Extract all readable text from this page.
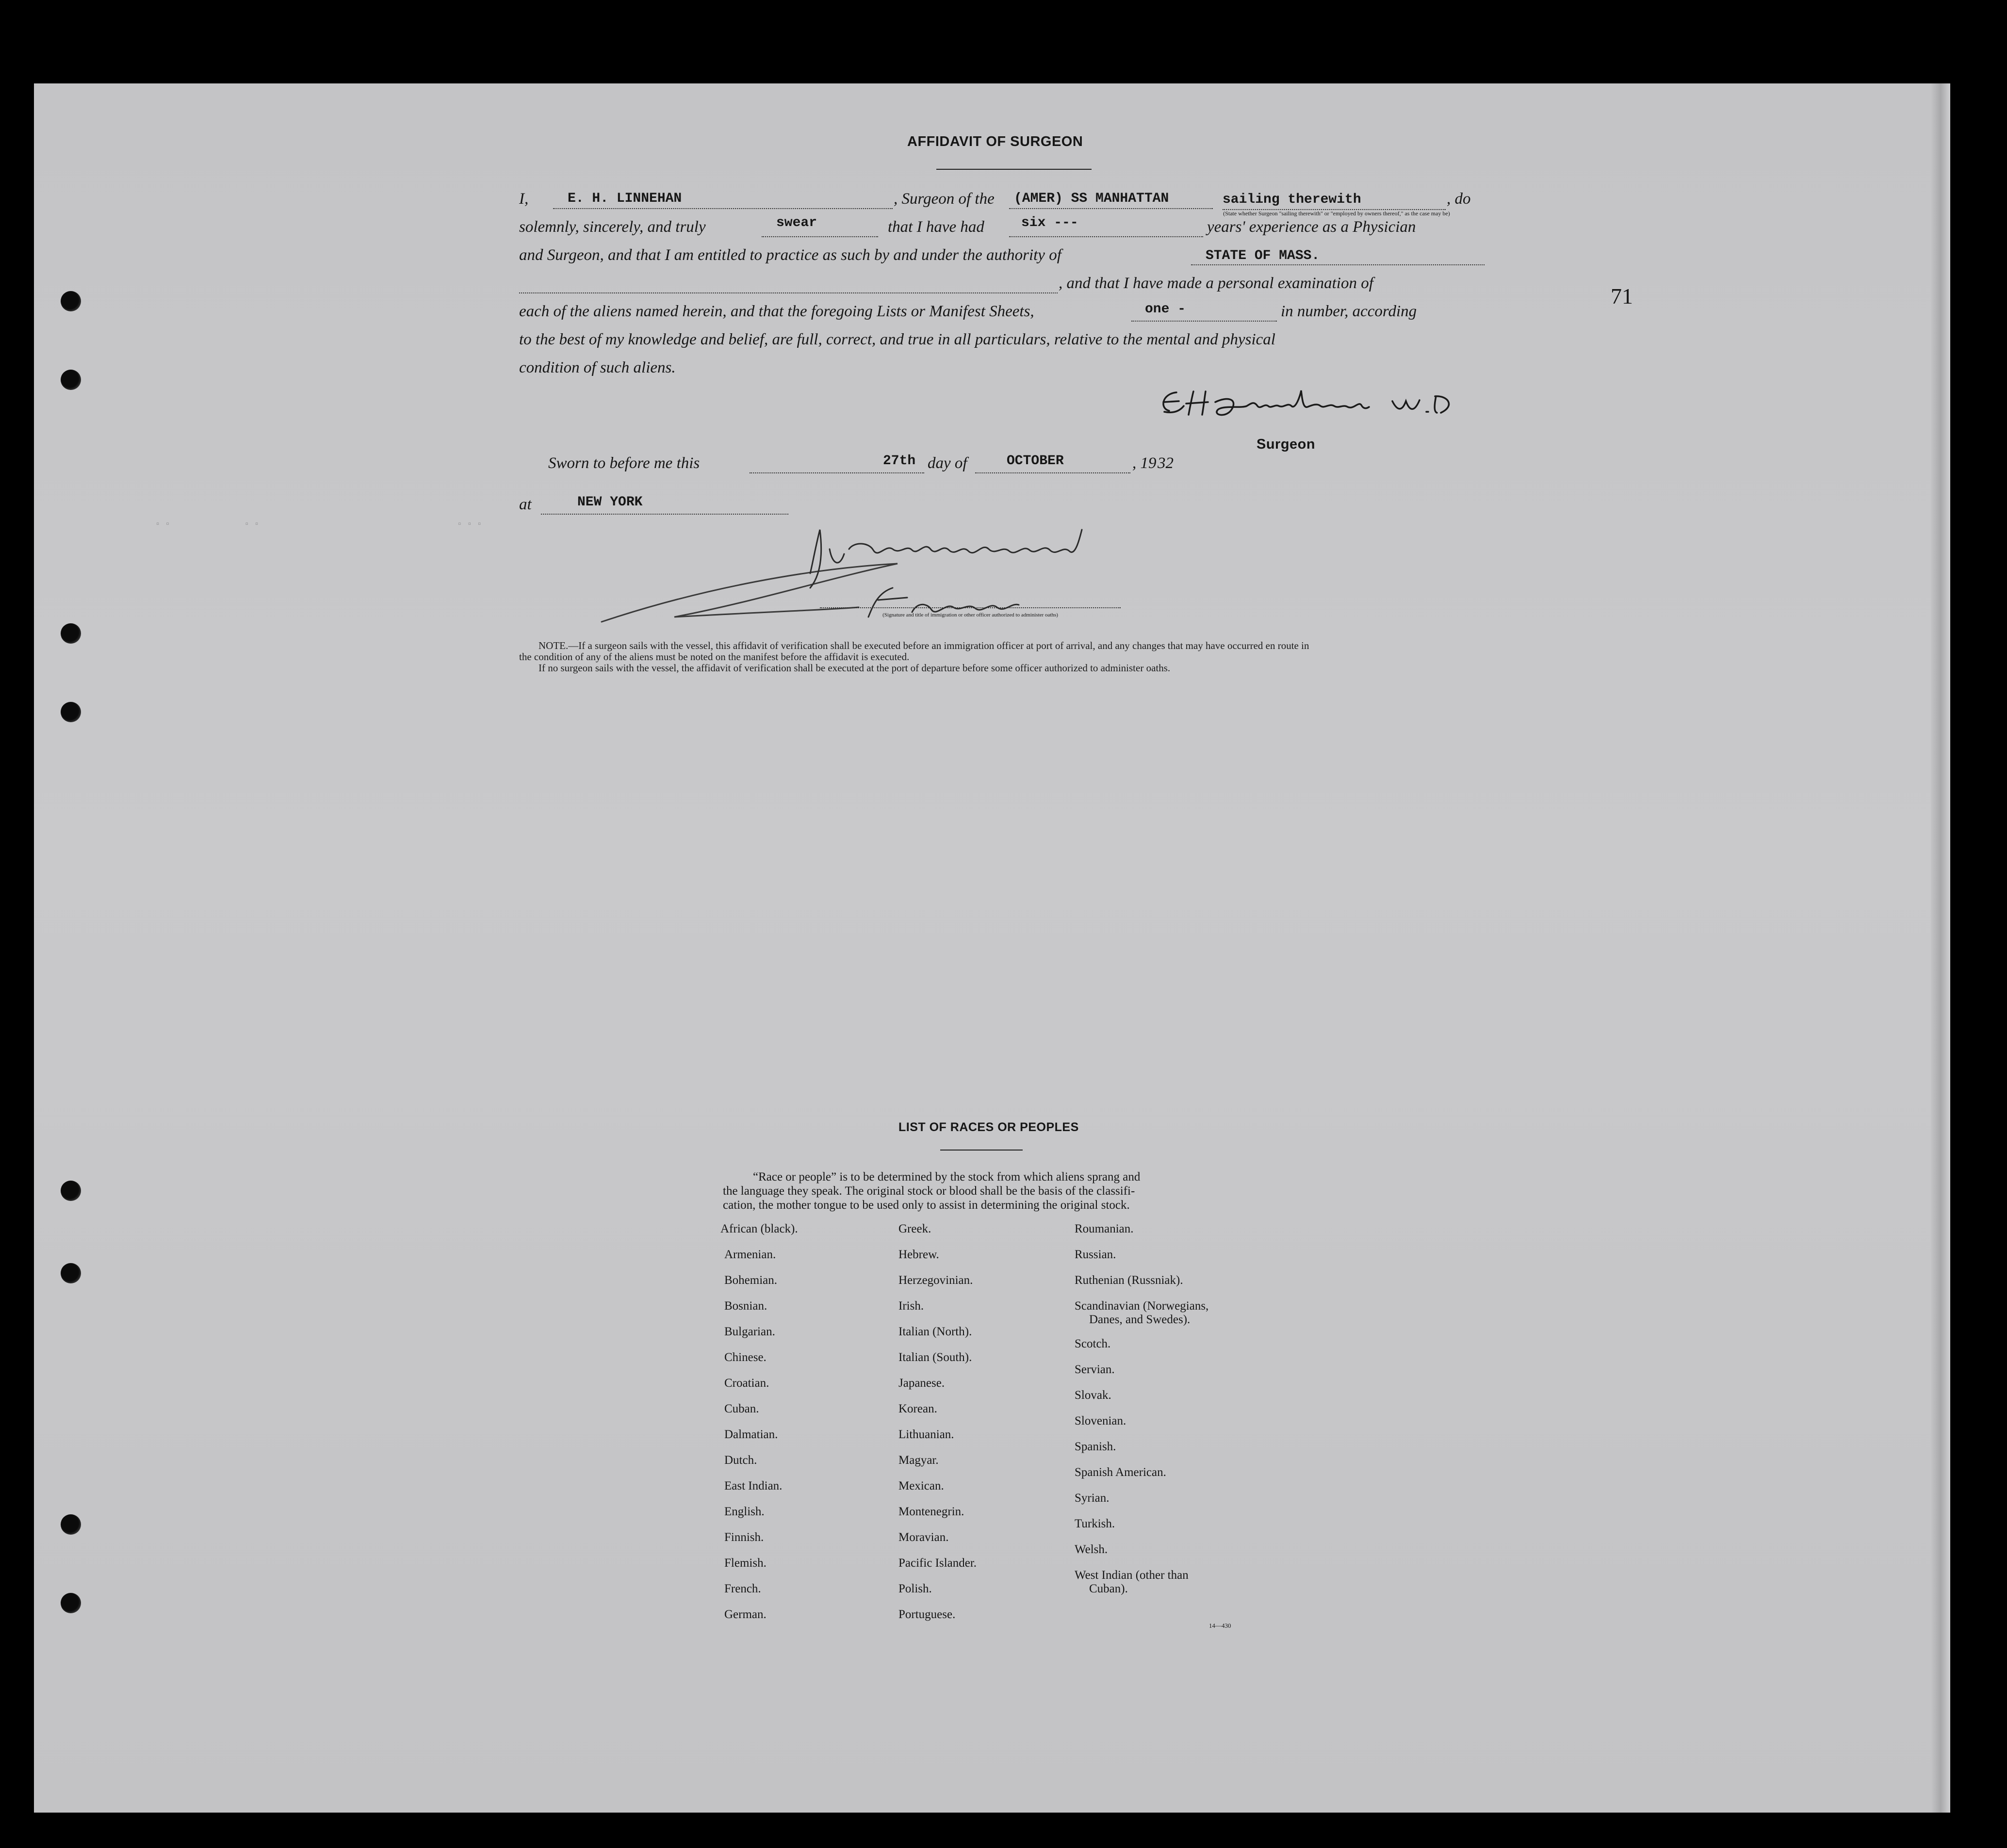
71
▫ ▫               ▫ ▫                                        ▫ ▫ ▫
AFFIDAVIT OF SURGEON
I,	E. H. LINNEHAN	, Surgeon of the (AMER) SS MANHATTAN	sailing therewith
(State whether Surgeon "sailing therewith" or "employed by owners thereof," as the case may be)
, do
solemnly, sincerely, and truly	swear	that I have had	six ---	years' experience as a Physician
and Surgeon, and that I am entitled to practice as such by and under the authority of	STATE OF MASS.
, and that I have made a personal examination of
each of the aliens named herein, and that the foregoing Lists or Manifest Sheets,	one -	in number, according
to the best of my knowledge and belief, are full, correct, and true in all particulars, relative to the mental and physical
condition of such aliens.
Surgeon
Sworn to before me this	27th day of	OCTOBER	, 19 32
at	NEW YORK
(Signature and title of immigration or other officer authorized to administer oaths)
NOTE.—If a surgeon sails with the vessel, this affidavit of verification shall be executed before an immigration officer at port of arrival, and any changes that may have occurred en route in
the condition of any of the aliens must be noted on the manifest before the affidavit is executed.
If no surgeon sails with the vessel, the affidavit of verification shall be executed at the port of departure before some officer authorized to administer oaths.
LIST OF RACES OR PEOPLES
“Race or people” is to be determined by the stock from which aliens sprang and
the language they speak. The original stock or blood shall be the basis of the classifi-
cation, the mother tongue to be used only to assist in determining the original stock.
African (black).
Armenian.
Bohemian.
Bosnian.
Bulgarian.
Chinese.
Croatian.
Cuban.
Dalmatian.
Dutch.
East Indian.
English.
Finnish.
Flemish.
French.
German.
Greek.
Hebrew.
Herzegovinian.
Irish.
Italian (North).
Italian (South).
Japanese.
Korean.
Lithuanian.
Magyar.
Mexican.
Montenegrin.
Moravian.
Pacific Islander.
Polish.
Portuguese.
Roumanian.
Russian.
Ruthenian (Russniak).
Scandinavian (Norwegians,
Danes, and Swedes).
Scotch.
Servian.
Slovak.
Slovenian.
Spanish.
Spanish American.
Syrian.
Turkish.
Welsh.
West Indian (other than
Cuban).
14—430
